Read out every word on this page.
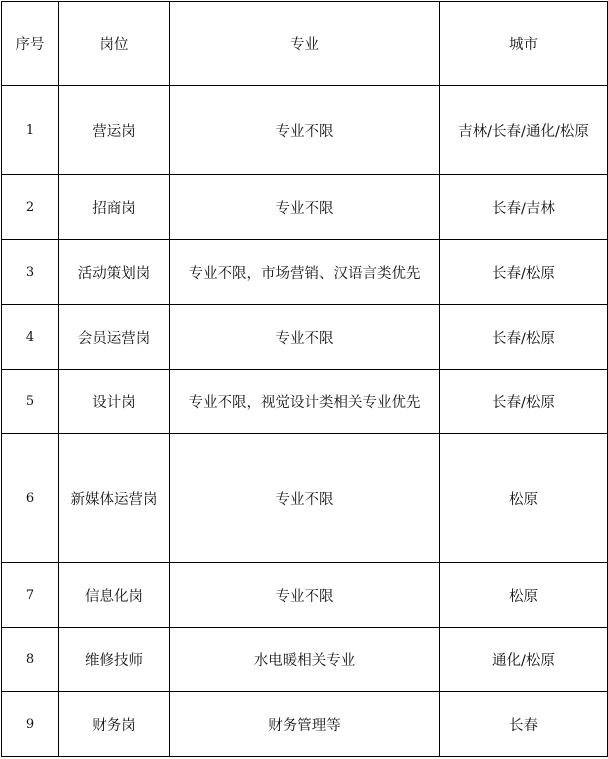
序号	岗位	专业	城市
1	营运岗	专业不限	吉林/长春/通化/松原
2	招商岗	专业不限	长春/吉林
3	活动策划岗	专业不限，市场营销、汉语言类优先	长春/松原
4	会员运营岗	专业不限	长春/松原
5	设计岗	专业不限，视觉设计类相关专业优先	长春/松原
6	新媒体运营岗	专业不限	松原
7	信息化岗	专业不限	松原
8	维修技师	水电暖相关专业	通化/松原
9	财务岗	财务管理等	长春
